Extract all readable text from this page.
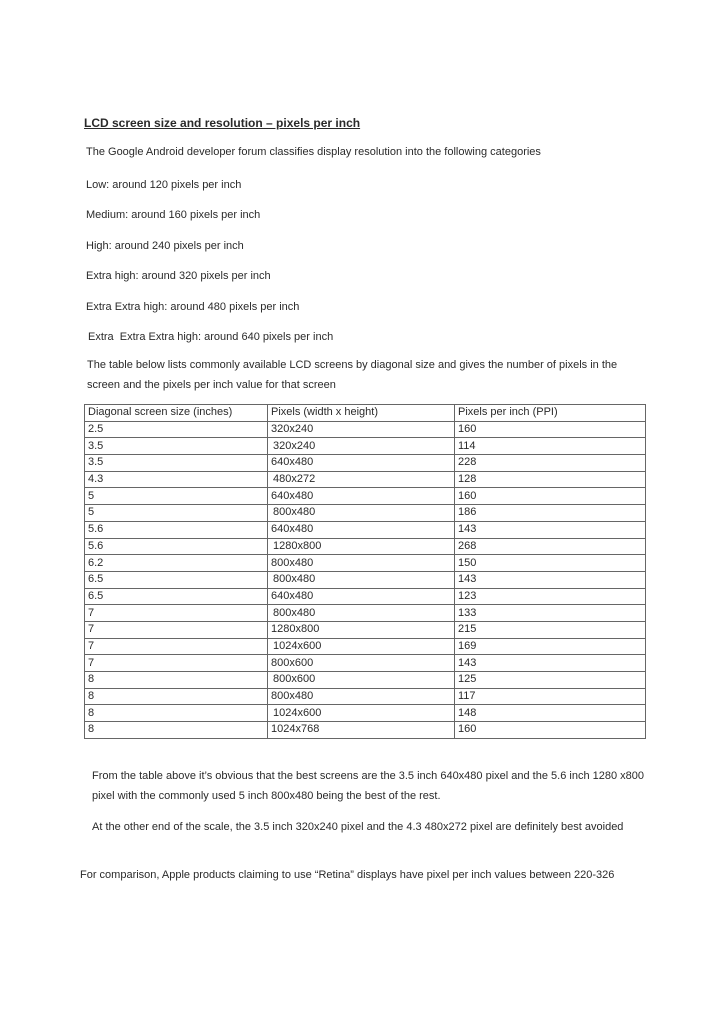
LCD screen size and resolution – pixels per inch
The Google Android developer forum classifies display resolution into the following categories
Low: around 120 pixels per inch
Medium: around 160 pixels per inch
High: around 240 pixels per inch
Extra high: around 320 pixels per inch
Extra Extra high: around 480 pixels per inch
Extra  Extra Extra high: around 640 pixels per inch
The table below lists commonly available LCD screens by diagonal size and gives the number of pixels in the screen and the pixels per inch value for that screen
Diagonal screen size (inches)	Pixels (width x height)	Pixels per inch (PPI)
2.5	320x240	160
3.5	320x240	114
3.5	640x480	228
4.3	480x272	128
5	640x480	160
5	800x480	186
5.6	640x480	143
5.6	1280x800	268
6.2	800x480	150
6.5	800x480	143
6.5	640x480	123
7	800x480	133
7	1280x800	215
7	1024x600	169
7	800x600	143
8	800x600	125
8	800x480	117
8	1024x600	148
8	1024x768	160
From the table above it’s obvious that the best screens are the 3.5 inch 640x480 pixel and the 5.6 inch 1280 x800 pixel with the commonly used 5 inch 800x480 being the best of the rest.
At the other end of the scale, the 3.5 inch 320x240 pixel and the 4.3 480x272 pixel are definitely best avoided
For comparison, Apple products claiming to use “Retina” displays have pixel per inch values between 220-326
